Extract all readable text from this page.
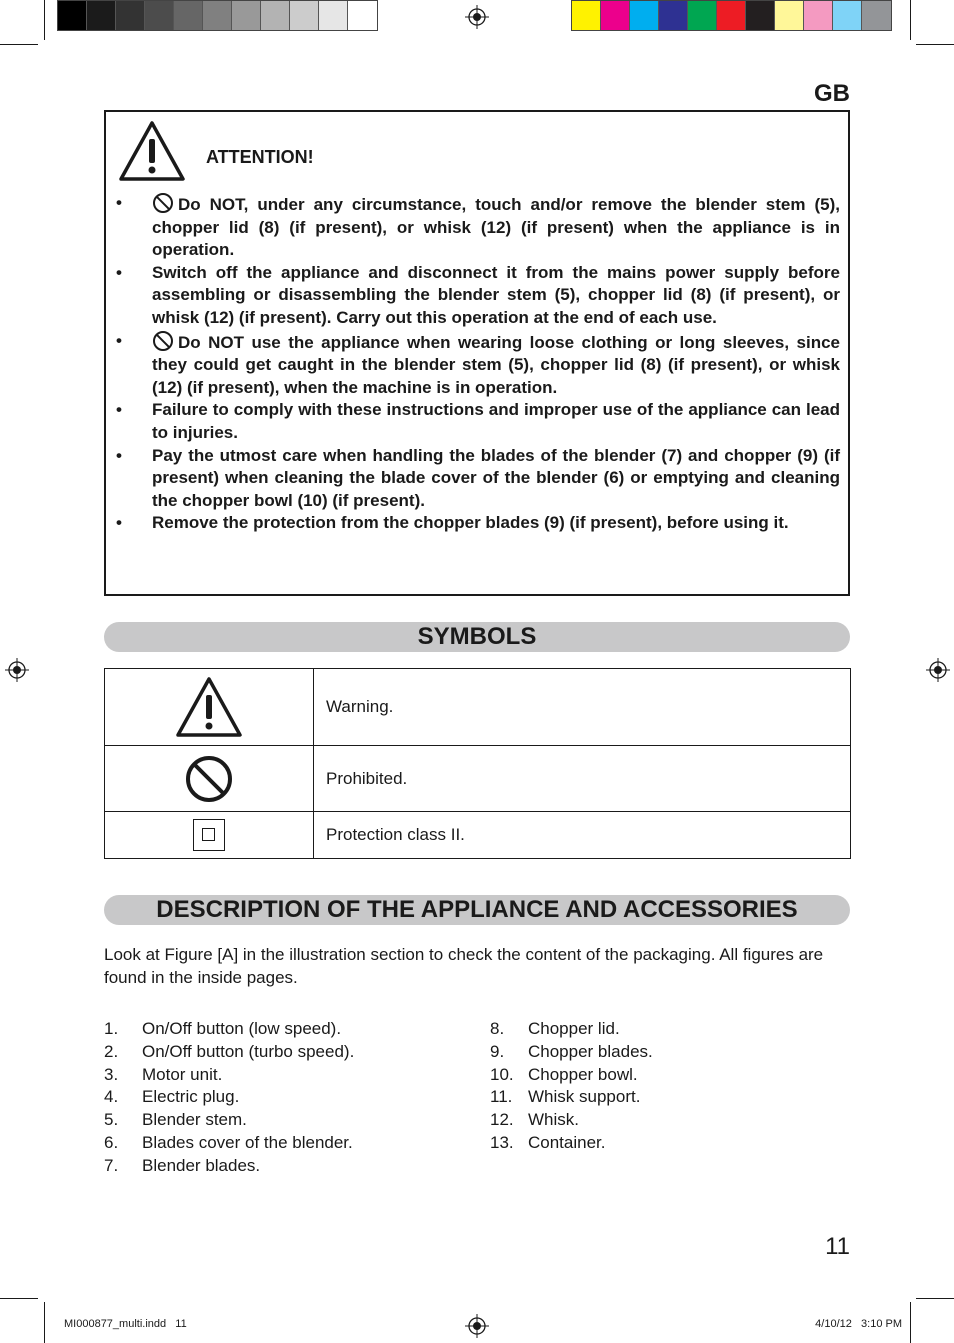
GB
ATTENTION!
•	Do NOT, under any circumstance, touch and/or remove the blender stem (5), chopper lid (8) (if present), or whisk (12) (if present) when the appliance is in operation.
• Switch off the appliance and disconnect it from the mains power supply before assembling or disassembling the blender stem (5), chopper lid (8) (if present), or whisk (12) (if present). Carry out this operation at the end of each use.
•	Do NOT use the appliance when wearing loose clothing or long sleeves, since they could get caught in the blender stem (5), chopper lid (8) (if present), or whisk (12) (if present), when the machine is in operation.
• Failure to comply with these instructions and improper use of the appliance can lead to injuries.
• Pay the utmost care when handling the blades of the blender (7) and chopper (9) (if present) when cleaning the blade cover of the blender (6) or emptying and cleaning the chopper bowl (10) (if present).
• Remove the protection from the chopper blades (9) (if present), before using it.
SYMBOLS
	Warning.
	Prohibited.

	Protection class II.
DESCRIPTION OF THE APPLIANCE AND ACCESSORIES
Look at Figure [A] in the illustration section to check the content of the packaging. All figures are found in the inside pages.
1.	On/Off button (low speed).
2.	On/Off button (turbo speed).
3.	Motor unit.
4.	Electric plug.
5.	Blender stem.
6.	Blades cover of the blender.
7.	Blender blades.
8.	Chopper lid.
9.	Chopper blades.
10. Chopper bowl.
11. Whisk support.
12. Whisk.
13. Container.
11
MI000877_multi.indd   11	4/10/12   3:10 PM
